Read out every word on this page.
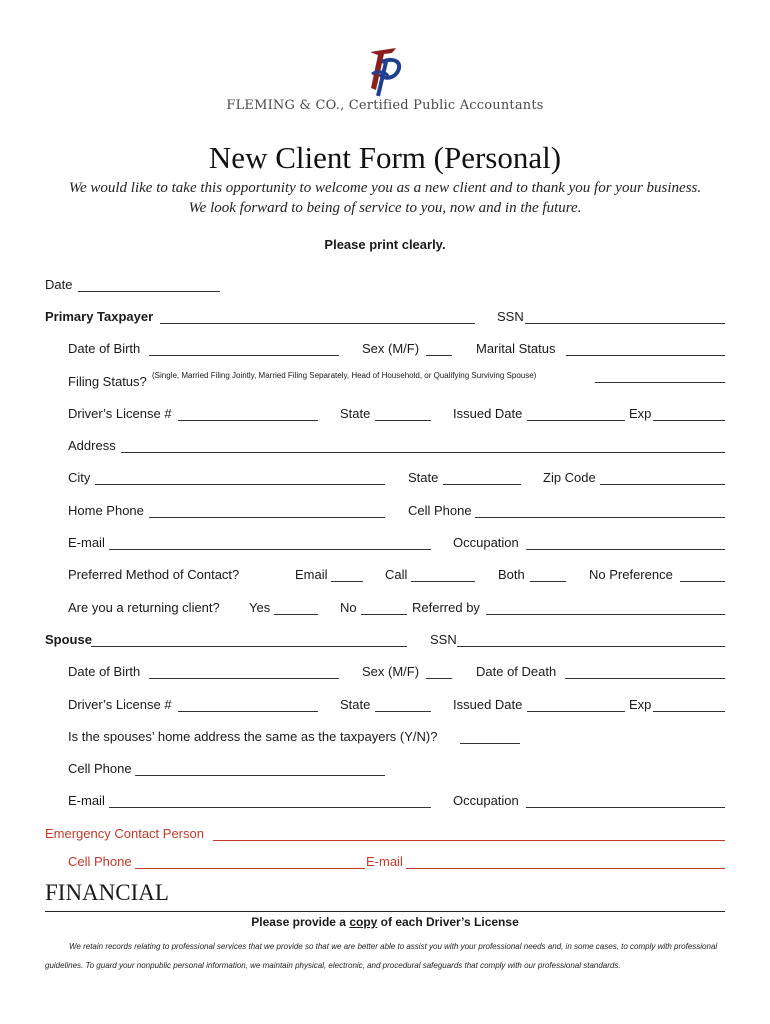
FLEMING & CO., Certified Public Accountants
New Client Form (Personal)
We would like to take this opportunity to welcome you as a new client and to thank you for your business. We look forward to being of service to you, now and in the future.
Please print clearly.
Date
Primary Taxpayer	SSN
Date of Birth	Sex (M/F)	Marital Status
Filing Status? (Single, Married Filing Jointly, Married Filing Separately, Head of Household, or Qualifying Surviving Spouse)
Driver’s License #	State	Issued Date	Exp
Address
City	State	Zip Code
Home Phone	Cell Phone
E-mail	Occupation
Preferred Method of Contact?	Email	Call	Both	No Preference
Are you a returning client? Yes	No	Referred by
Spouse	SSN
Date of Birth	Sex (M/F)	Date of Death
Driver’s License #	State	Issued Date	Exp
Is the spouses’ home address the same as the taxpayers (Y/N)?
Cell Phone
E-mail	Occupation
Emergency Contact Person
Cell Phone	E-mail
FINANCIAL
Please provide a copy of each Driver’s License
We retain records relating to professional services that we provide so that we are better able to assist you with your professional needs and, in some cases, to comply with professional guidelines. To guard your nonpublic personal information, we maintain physical, electronic, and procedural safeguards that comply with our professional standards.
